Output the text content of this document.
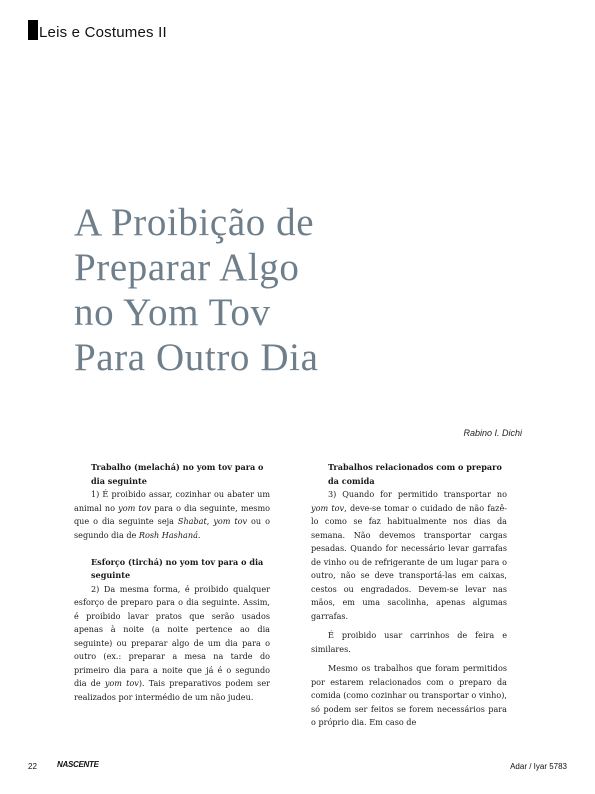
Leis e Costumes II
A Proibição de
Preparar Algo
no Yom Tov
Para Outro Dia
Rabino I. Dichi
Trabalho (melachá) no yom tov para o dia seguinte

1) É proibido assar, cozinhar ou abater um animal no yom tov para o dia seguinte, mesmo que o dia seguinte seja Shabat, yom tov ou o segundo dia de Rosh Hashaná.

Esforço (tirchá) no yom tov para o dia seguinte

2) Da mesma forma, é proibido qualquer esforço de preparo para o dia seguinte. Assim, é proibido lavar pratos que serão usados apenas à noite (a noite pertence ao dia seguinte) ou preparar algo de um dia para o outro (ex.: preparar a mesa na tarde do primeiro dia para a noite que já é o segundo dia de yom tov). Tais preparativos podem ser realizados por intermédio de um não judeu.

Trabalhos relacionados com o preparo da comida

3) Quando for permitido transportar no yom tov, deve-se tomar o cuidado de não fazê-lo como se faz habitualmente nos dias da semana. Não devemos transportar cargas pesadas. Quando for necessário levar garrafas de vinho ou de refrigerante de um lugar para o outro, não se deve transportá-las em caixas, cestos ou engradados. Devem-se levar nas mãos, em uma sacolinha, apenas algumas garrafas.

É proibido usar carrinhos de feira e similares.

Mesmo os trabalhos que foram permitidos por estarem relacionados com o preparo da comida (como cozinhar ou transportar o vinho), só podem ser feitos se forem necessários para o próprio dia. Em caso de

22	NASCENTE	Adar / Iyar 5783
